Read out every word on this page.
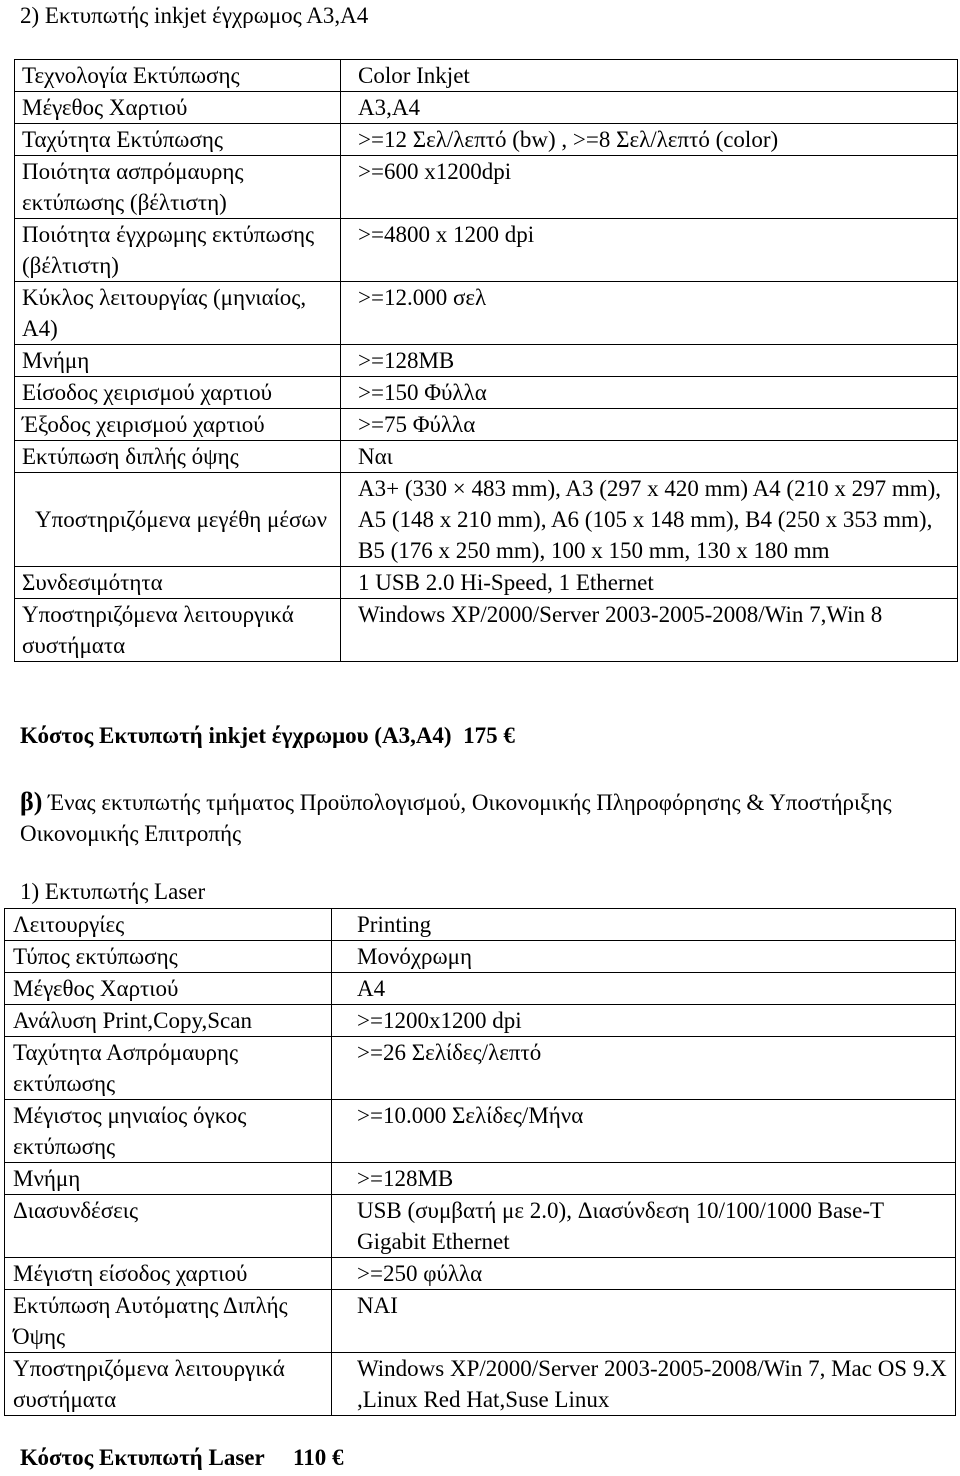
2) Εκτυπωτής inkjet έγχρωμος Α3,Α4
Τεχνολογία Εκτύπωσης	Color Inkjet
Μέγεθος Χαρτιού	A3,A4
Ταχύτητα Εκτύπωσης	>=12 Σελ/λεπτό (bw) , >=8 Σελ/λεπτό (color)
Ποιότητα ασπρόμαυρης εκτύπωσης (βέλτιστη)	>=600 x1200dpi
Ποιότητα έγχρωμης εκτύπωσης (βέλτιστη)	>=4800 x 1200 dpi
Κύκλος λειτουργίας (μηνιαίος, Α4)	>=12.000 σελ
Μνήμη	>=128MB
Είσοδος χειρισμού χαρτιού	>=150 Φύλλα
Έξοδος χειρισμού χαρτιού	>=75 Φύλλα
Εκτύπωση διπλής όψης	Ναι
Υποστηριζόμενα μεγέθη μέσων	A3+ (330 × 483 mm), A3 (297 x 420 mm) A4 (210 x 297 mm), A5 (148 x 210 mm), A6 (105 x 148 mm), B4 (250 x 353 mm), B5 (176 x 250 mm), 100 x 150 mm, 130 x 180 mm
Συνδεσιμότητα	1 USB 2.0 Hi-Speed, 1 Ethernet
Υποστηριζόμενα λειτουργικά συστήματα	Windows XP/2000/Server 2003-2005-2008/Win 7,Win 8
Κόστος Εκτυπωτή inkjet έγχρωμου (Α3,Α4)  175 €
β) Ένας εκτυπωτής τμήματος Προϋπολογισμού, Οικονομικής Πληροφόρησης & Υποστήριξης Οικονομικής Επιτροπής
1) Εκτυπωτής Laser
Λειτουργίες	Printing
Τύπος εκτύπωσης	Μονόχρωμη
Μέγεθος Χαρτιού	A4
Ανάλυση Print,Copy,Scan	>=1200x1200 dpi
Ταχύτητα Ασπρόμαυρης εκτύπωσης	>=26 Σελίδες/λεπτό
Μέγιστος μηνιαίος όγκος εκτύπωσης	>=10.000 Σελίδες/Μήνα
Μνήμη	>=128MB
Διασυνδέσεις	USB (συμβατή με 2.0), Διασύνδεση 10/100/1000 Base-T Gigabit Ethernet
Μέγιστη είσοδος χαρτιού	>=250 φύλλα
Εκτύπωση Αυτόματης Διπλής Όψης	ΝΑΙ
Υποστηριζόμενα λειτουργικά συστήματα	Windows XP/2000/Server 2003-2005-2008/Win 7, Mac OS 9.X ,Linux Red Hat,Suse Linux
Κόστος Εκτυπωτή Laser     110 €
